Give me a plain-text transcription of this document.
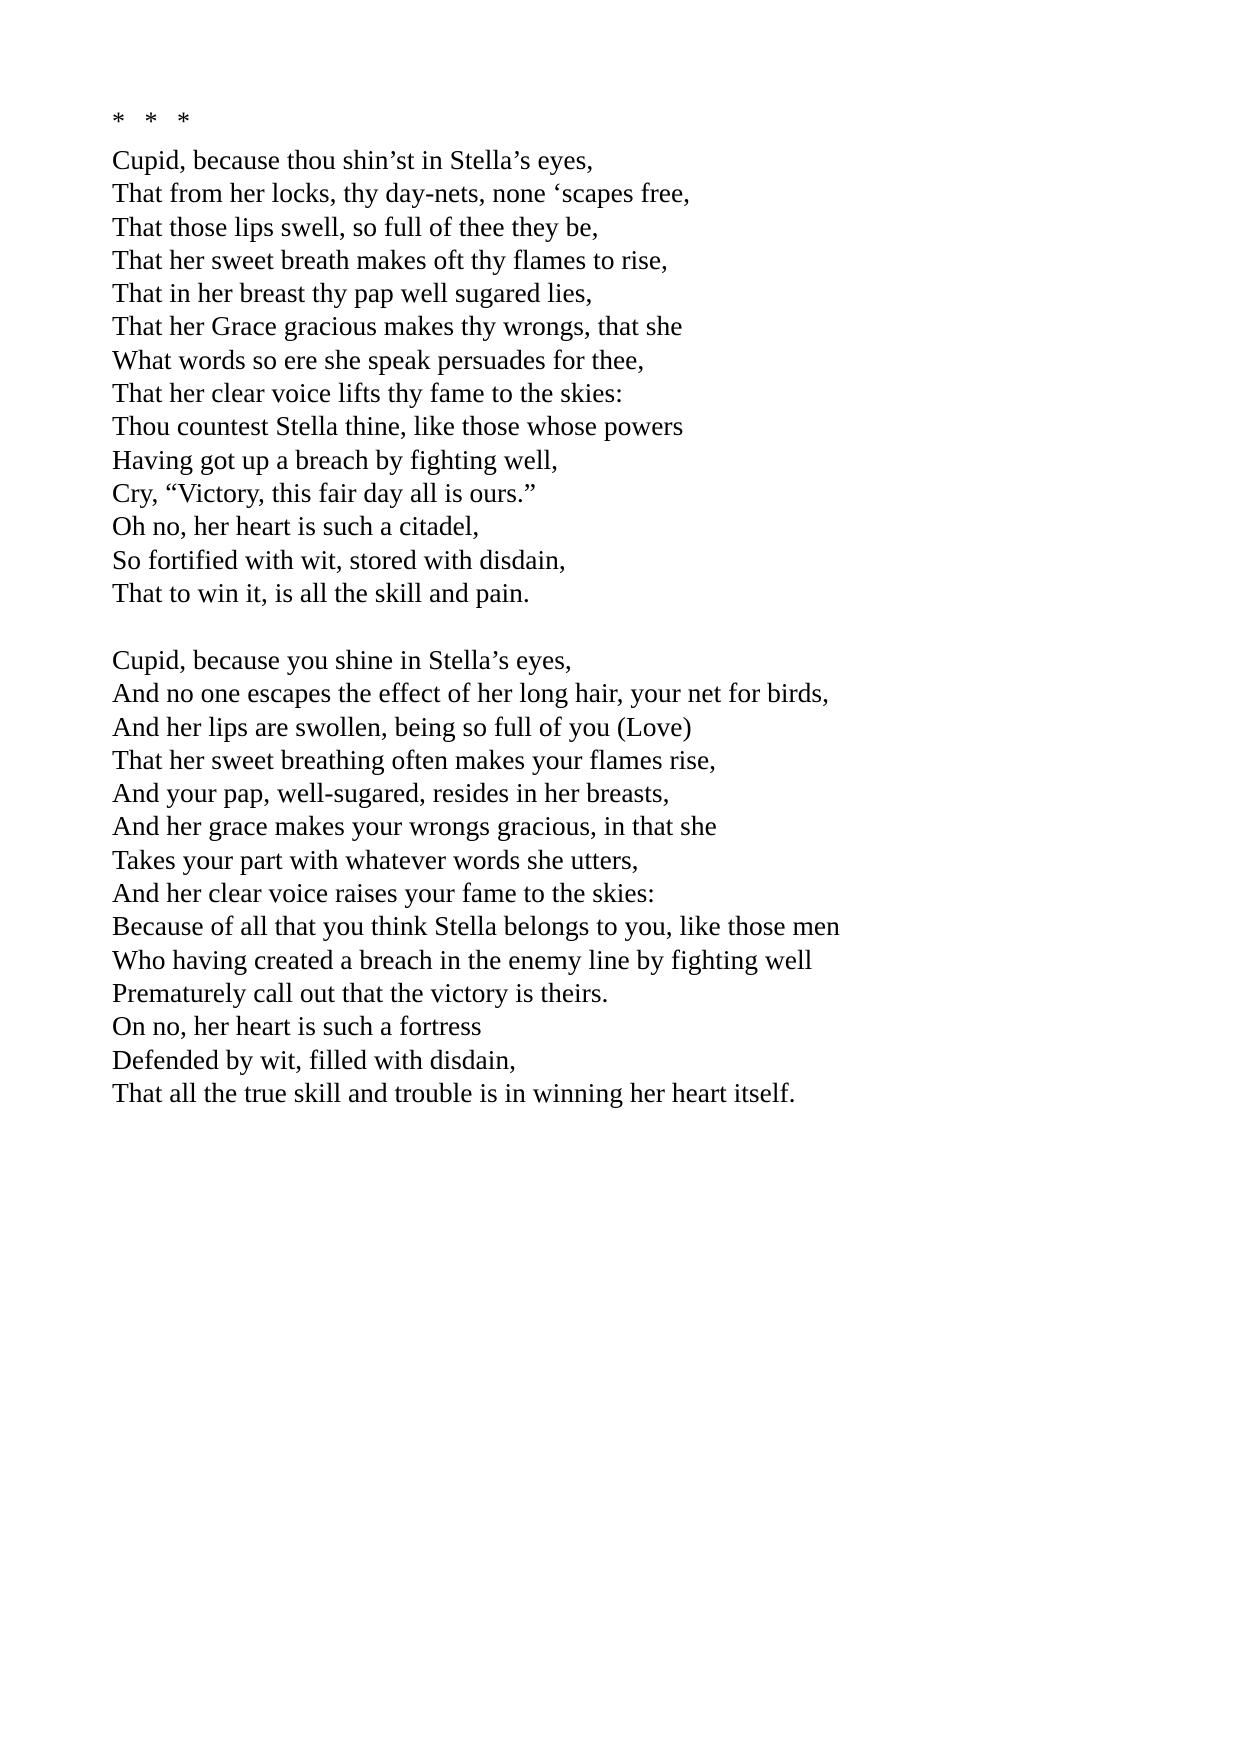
*   *   *
Cupid, because thou shin’st in Stella’s eyes,
That from her locks, thy day-nets, none ‘scapes free,
That those lips swell, so full of thee they be,
That her sweet breath makes oft thy flames to rise,
That in her breast thy pap well sugared lies,
That her Grace gracious makes thy wrongs, that she
What words so ere she speak persuades for thee,
That her clear voice lifts thy fame to the skies:
Thou countest Stella thine, like those whose powers
Having got up a breach by fighting well,
Cry, “Victory, this fair day all is ours.”
Oh no, her heart is such a citadel,
So fortified with wit, stored with disdain,
That to win it, is all the skill and pain.
Cupid, because you shine in Stella’s eyes,
And no one escapes the effect of her long hair, your net for birds,
And her lips are swollen, being so full of you (Love)
That her sweet breathing often makes your flames rise,
And your pap, well-sugared, resides in her breasts,
And her grace makes your wrongs gracious, in that she
Takes your part with whatever words she utters,
And her clear voice raises your fame to the skies:
Because of all that you think Stella belongs to you, like those men
Who having created a breach in the enemy line by fighting well
Prematurely call out that the victory is theirs.
On no, her heart is such a fortress
Defended by wit, filled with disdain,
That all the true skill and trouble is in winning her heart itself.
